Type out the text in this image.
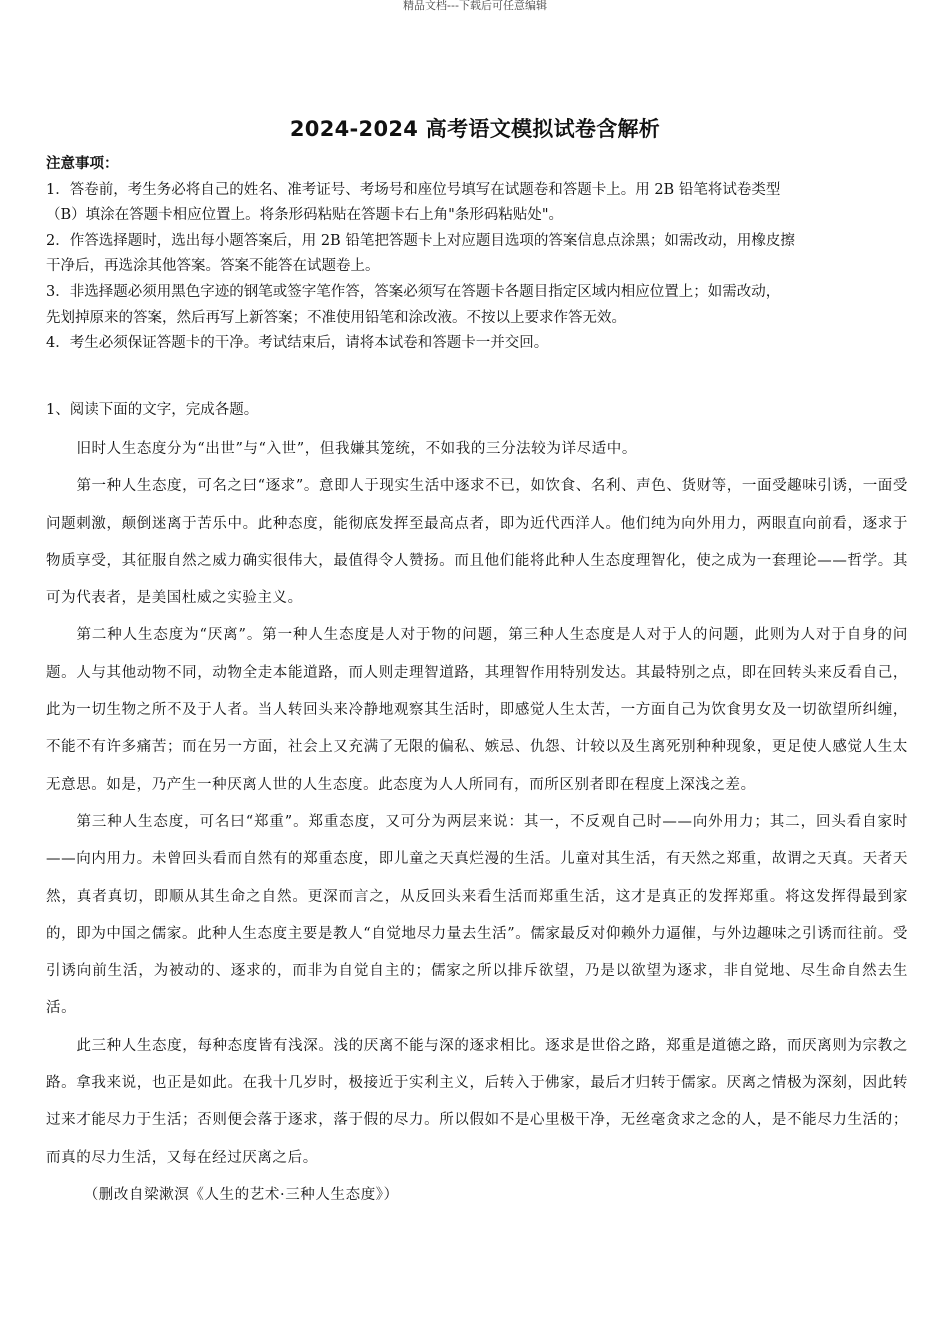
精品文档---下载后可任意编辑
2024-2024 高考语文模拟试卷含解析
注意事项：
1．答卷前，考生务必将自己的姓名、准考证号、考场号和座位号填写在试题卷和答题卡上。用 2B 铅笔将试卷类型
（B）填涂在答题卡相应位置上。将条形码粘贴在答题卡右上角"条形码粘贴处"。
2．作答选择题时，选出每小题答案后，用 2B 铅笔把答题卡上对应题目选项的答案信息点涂黑；如需改动，用橡皮擦
干净后，再选涂其他答案。答案不能答在试题卷上。
3．非选择题必须用黑色字迹的钢笔或签字笔作答，答案必须写在答题卡各题目指定区域内相应位置上；如需改动，
先划掉原来的答案，然后再写上新答案；不准使用铅笔和涂改液。不按以上要求作答无效。
4．考生必须保证答题卡的干净。考试结束后，请将本试卷和答题卡一并交回。
1、阅读下面的文字，完成各题。

旧时人生态度分为“出世”与“入世”，但我嫌其笼统，不如我的三分法较为详尽适中。

第一种人生态度，可名之曰“逐求”。意即人于现实生活中逐求不已，如饮食、名利、声色、货财等，一面受趣味引诱，一面受问题刺激，颠倒迷离于苦乐中。此种态度，能彻底发挥至最高点者，即为近代西洋人。他们纯为向外用力，两眼直向前看，逐求于物质享受，其征服自然之威力确实很伟大，最值得令人赞扬。而且他们能将此种人生态度理智化，使之成为一套理论——哲学。其可为代表者，是美国杜威之实验主义。

第二种人生态度为“厌离”。第一种人生态度是人对于物的问题，第三种人生态度是人对于人的问题，此则为人对于自身的问题。人与其他动物不同，动物全走本能道路，而人则走理智道路，其理智作用特别发达。其最特别之点，即在回转头来反看自己，此为一切生物之所不及于人者。当人转回头来冷静地观察其生活时，即感觉人生太苦，一方面自己为饮食男女及一切欲望所纠缠，不能不有许多痛苦；而在另一方面，社会上又充满了无限的偏私、嫉忌、仇怨、计较以及生离死别种种现象，更足使人感觉人生太无意思。如是，乃产生一种厌离人世的人生态度。此态度为人人所同有，而所区别者即在程度上深浅之差。

第三种人生态度，可名曰“郑重”。郑重态度，又可分为两层来说：其一，不反观自己时——向外用力；其二，回头看自家时——向内用力。未曾回头看而自然有的郑重态度，即儿童之天真烂漫的生活。儿童对其生活，有天然之郑重，故谓之天真。天者天然，真者真切，即顺从其生命之自然。更深而言之，从反回头来看生活而郑重生活，这才是真正的发挥郑重。将这发挥得最到家的，即为中国之儒家。此种人生态度主要是教人“自觉地尽力量去生活”。儒家最反对仰赖外力逼催，与外边趣味之引诱而往前。受引诱向前生活，为被动的、逐求的，而非为自觉自主的；儒家之所以排斥欲望，乃是以欲望为逐求，非自觉地、尽生命自然去生活。

此三种人生态度，每种态度皆有浅深。浅的厌离不能与深的逐求相比。逐求是世俗之路，郑重是道德之路，而厌离则为宗教之路。拿我来说，也正是如此。在我十几岁时，极接近于实利主义，后转入于佛家，最后才归转于儒家。厌离之情极为深刻，因此转过来才能尽力于生活；否则便会落于逐求，落于假的尽力。所以假如不是心里极干净，无丝毫贪求之念的人，是不能尽力生活的；而真的尽力生活，又每在经过厌离之后。

（删改自梁漱溟《人生的艺术·三种人生态度》）
